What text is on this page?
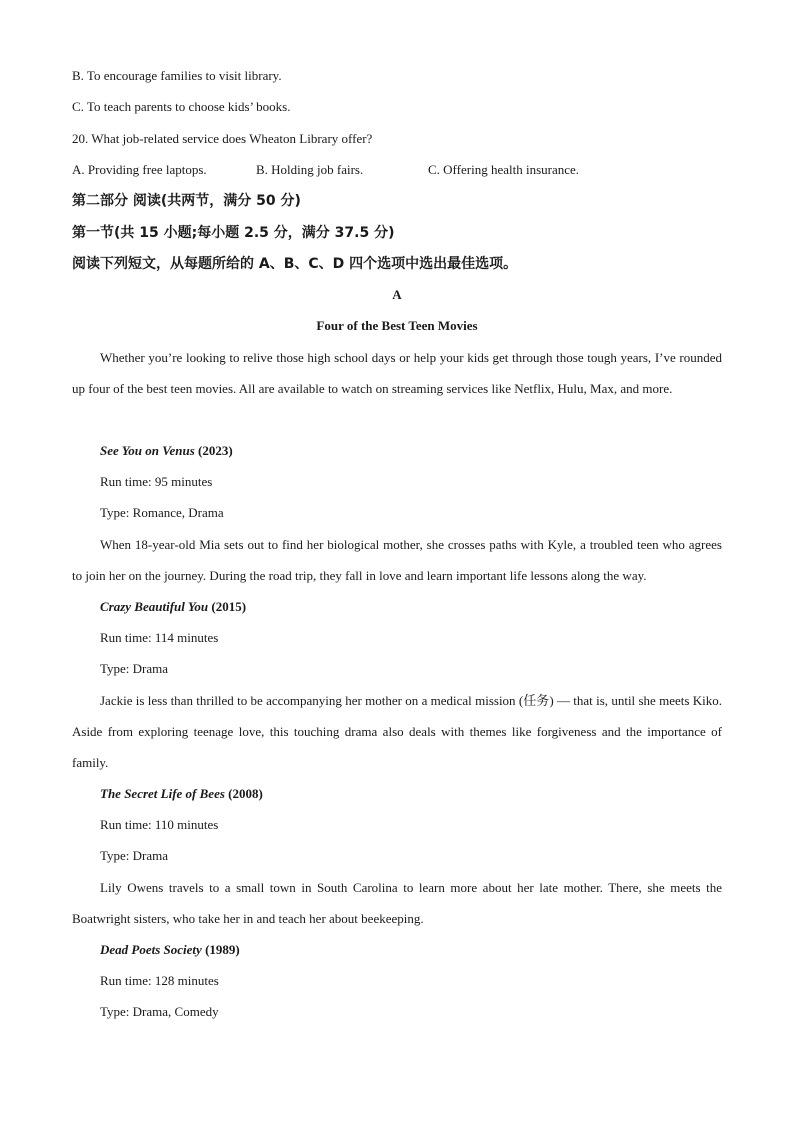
B. To encourage families to visit library.
C. To teach parents to choose kids’ books.
20. What job-related service does Wheaton Library offer?
A. Providing free laptops.	B. Holding job fairs.	C. Offering health insurance.
第二部分 阅读(共两节，满分 50 分)
第一节(共 15 小题;每小题 2.5 分，满分 37.5 分)
阅读下列短文，从每题所给的 A、B、C、D 四个选项中选出最佳选项。
A
Four of the Best Teen Movies
Whether you’re looking to relive those high school days or help your kids get through those tough years, I’ve rounded up four of the best teen movies. All are available to watch on streaming services like Netflix, Hulu, Max, and more.
See You on Venus (2023)
Run time: 95 minutes
Type: Romance, Drama
When 18-year-old Mia sets out to find her biological mother, she crosses paths with Kyle, a troubled teen who agrees to join her on the journey. During the road trip, they fall in love and learn important life lessons along the way.
Crazy Beautiful You (2015)
Run time: 114 minutes
Type: Drama
Jackie is less than thrilled to be accompanying her mother on a medical mission (任务) — that is, until she meets Kiko. Aside from exploring teenage love, this touching drama also deals with themes like forgiveness and the importance of family.
The Secret Life of Bees (2008)
Run time: 110 minutes
Type: Drama
Lily Owens travels to a small town in South Carolina to learn more about her late mother. There, she meets the Boatwright sisters, who take her in and teach her about beekeeping.
Dead Poets Society (1989)
Run time: 128 minutes
Type: Drama, Comedy
